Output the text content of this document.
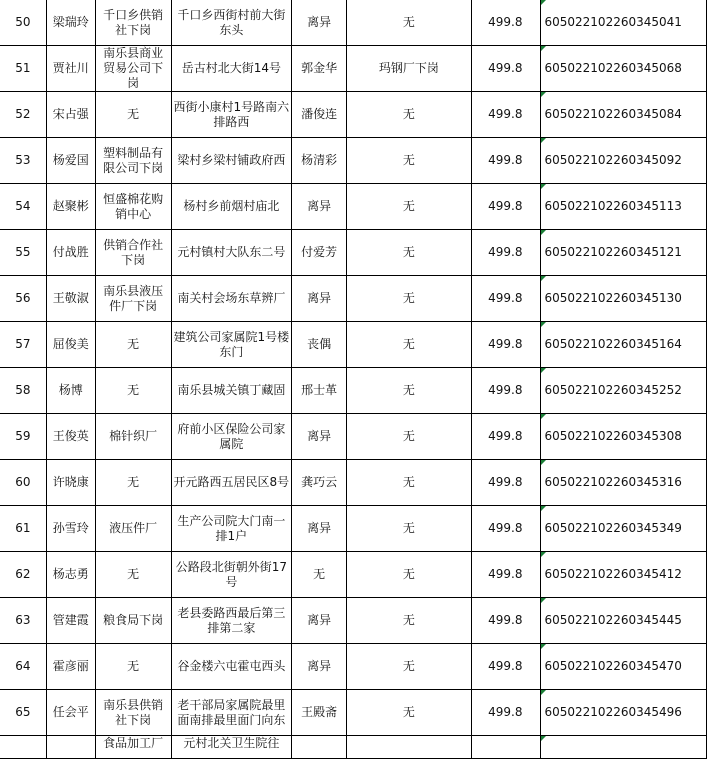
50	梁瑞玲	千口乡供销社下岗	千口乡西街村前大街东头	离异	无	499.8	605022102260345041
51	贾社川	南乐县商业贸易公司下岗	岳古村北大街14号	郭金华	玛钢厂下岗	499.8	605022102260345068
52	宋占强	无	西街小康村1号路南六排路西	潘俊连	无	499.8	605022102260345084
53	杨爱国	塑料制品有限公司下岗	梁村乡梁村铺政府西	杨清彩	无	499.8	605022102260345092
54	赵聚彬	恒盛棉花购销中心	杨村乡前烟村庙北	离异	无	499.8	605022102260345113
55	付战胜	供销合作社下岗	元村镇村大队东二号	付爱芳	无	499.8	605022102260345121
56	王敬淑	南乐县液压件厂下岗	南关村会场东草辨厂	离异	无	499.8	605022102260345130
57	屈俊美	无	建筑公司家属院1号楼东门	丧偶	无	499.8	605022102260345164
58	杨博	无	南乐县城关镇丁藏固	邢士革	无	499.8	605022102260345252
59	王俊英	棉针织厂	府前小区保险公司家属院	离异	无	499.8	605022102260345308
60	许晓康	无	开元路西五居民区8号	龚巧云	无	499.8	605022102260345316
61	孙雪玲	液压件厂	生产公司院大门南一排1户	离异	无	499.8	605022102260345349
62	杨志勇	无	公路段北街朝外街17号	无	无	499.8	605022102260345412
63	管建霞	粮食局下岗	老县委路西最后第三排第二家	离异	无	499.8	605022102260345445
64	霍彦丽	无	谷金楼六屯霍屯西头	离异	无	499.8	605022102260345470
65	任会平	南乐县供销社下岗	老干部局家属院最里面南排最里面门向东	王殿斋	无	499.8	605022102260345496
		食品加工厂	元村北关卫生院往				
